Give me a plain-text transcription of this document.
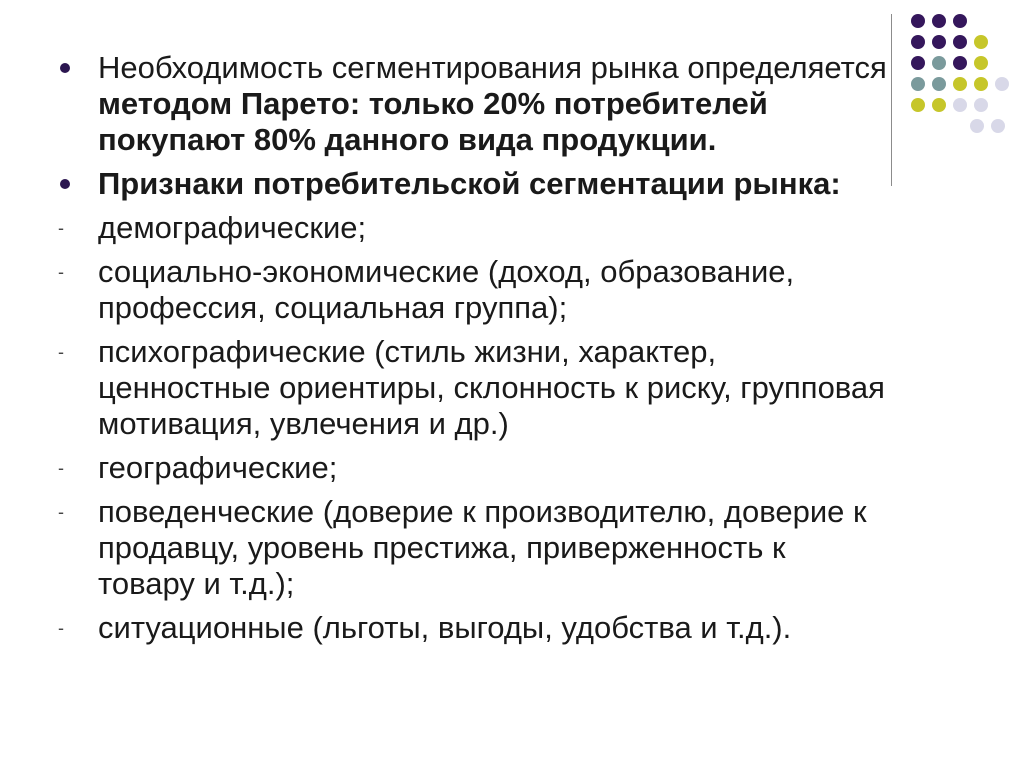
Необходимость сегментирования рынка определяется методом Парето: только 20% потребителей покупают 80% данного вида продукции.
Признаки потребительской сегментации рынка:
- демографические;
- социально-экономические (доход, образование, профессия, социальная группа);
- психографические (стиль жизни, характер, ценностные ориентиры, склонность к риску, групповая мотивация, увлечения и др.)
- географические;
- поведенческие (доверие к производителю, доверие к продавцу, уровень престижа, приверженность к товару и т.д.);
- ситуационные (льготы, выгоды, удобства и т.д.).
